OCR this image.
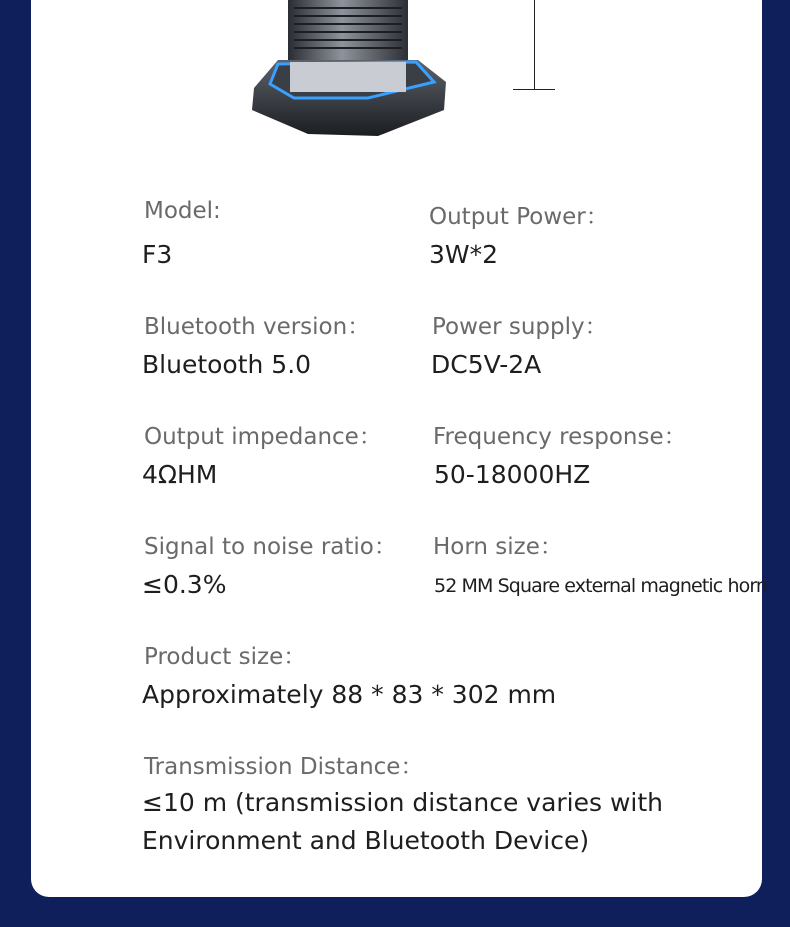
Model:
F3
Output Power：
3W*2
Bluetooth version：
Bluetooth 5.0
Power supply：
DC5V-2A
Output impedance：
4ΩHM
Frequency response：
50-18000HZ
Signal to noise ratio：
≤0.3%
Horn size：
52 MM Square external magnetic horn
Product size：
Approximately 88 * 83 * 302 mm
Transmission Distance：
≤10 m (transmission distance varies with Environment and Bluetooth Device)
